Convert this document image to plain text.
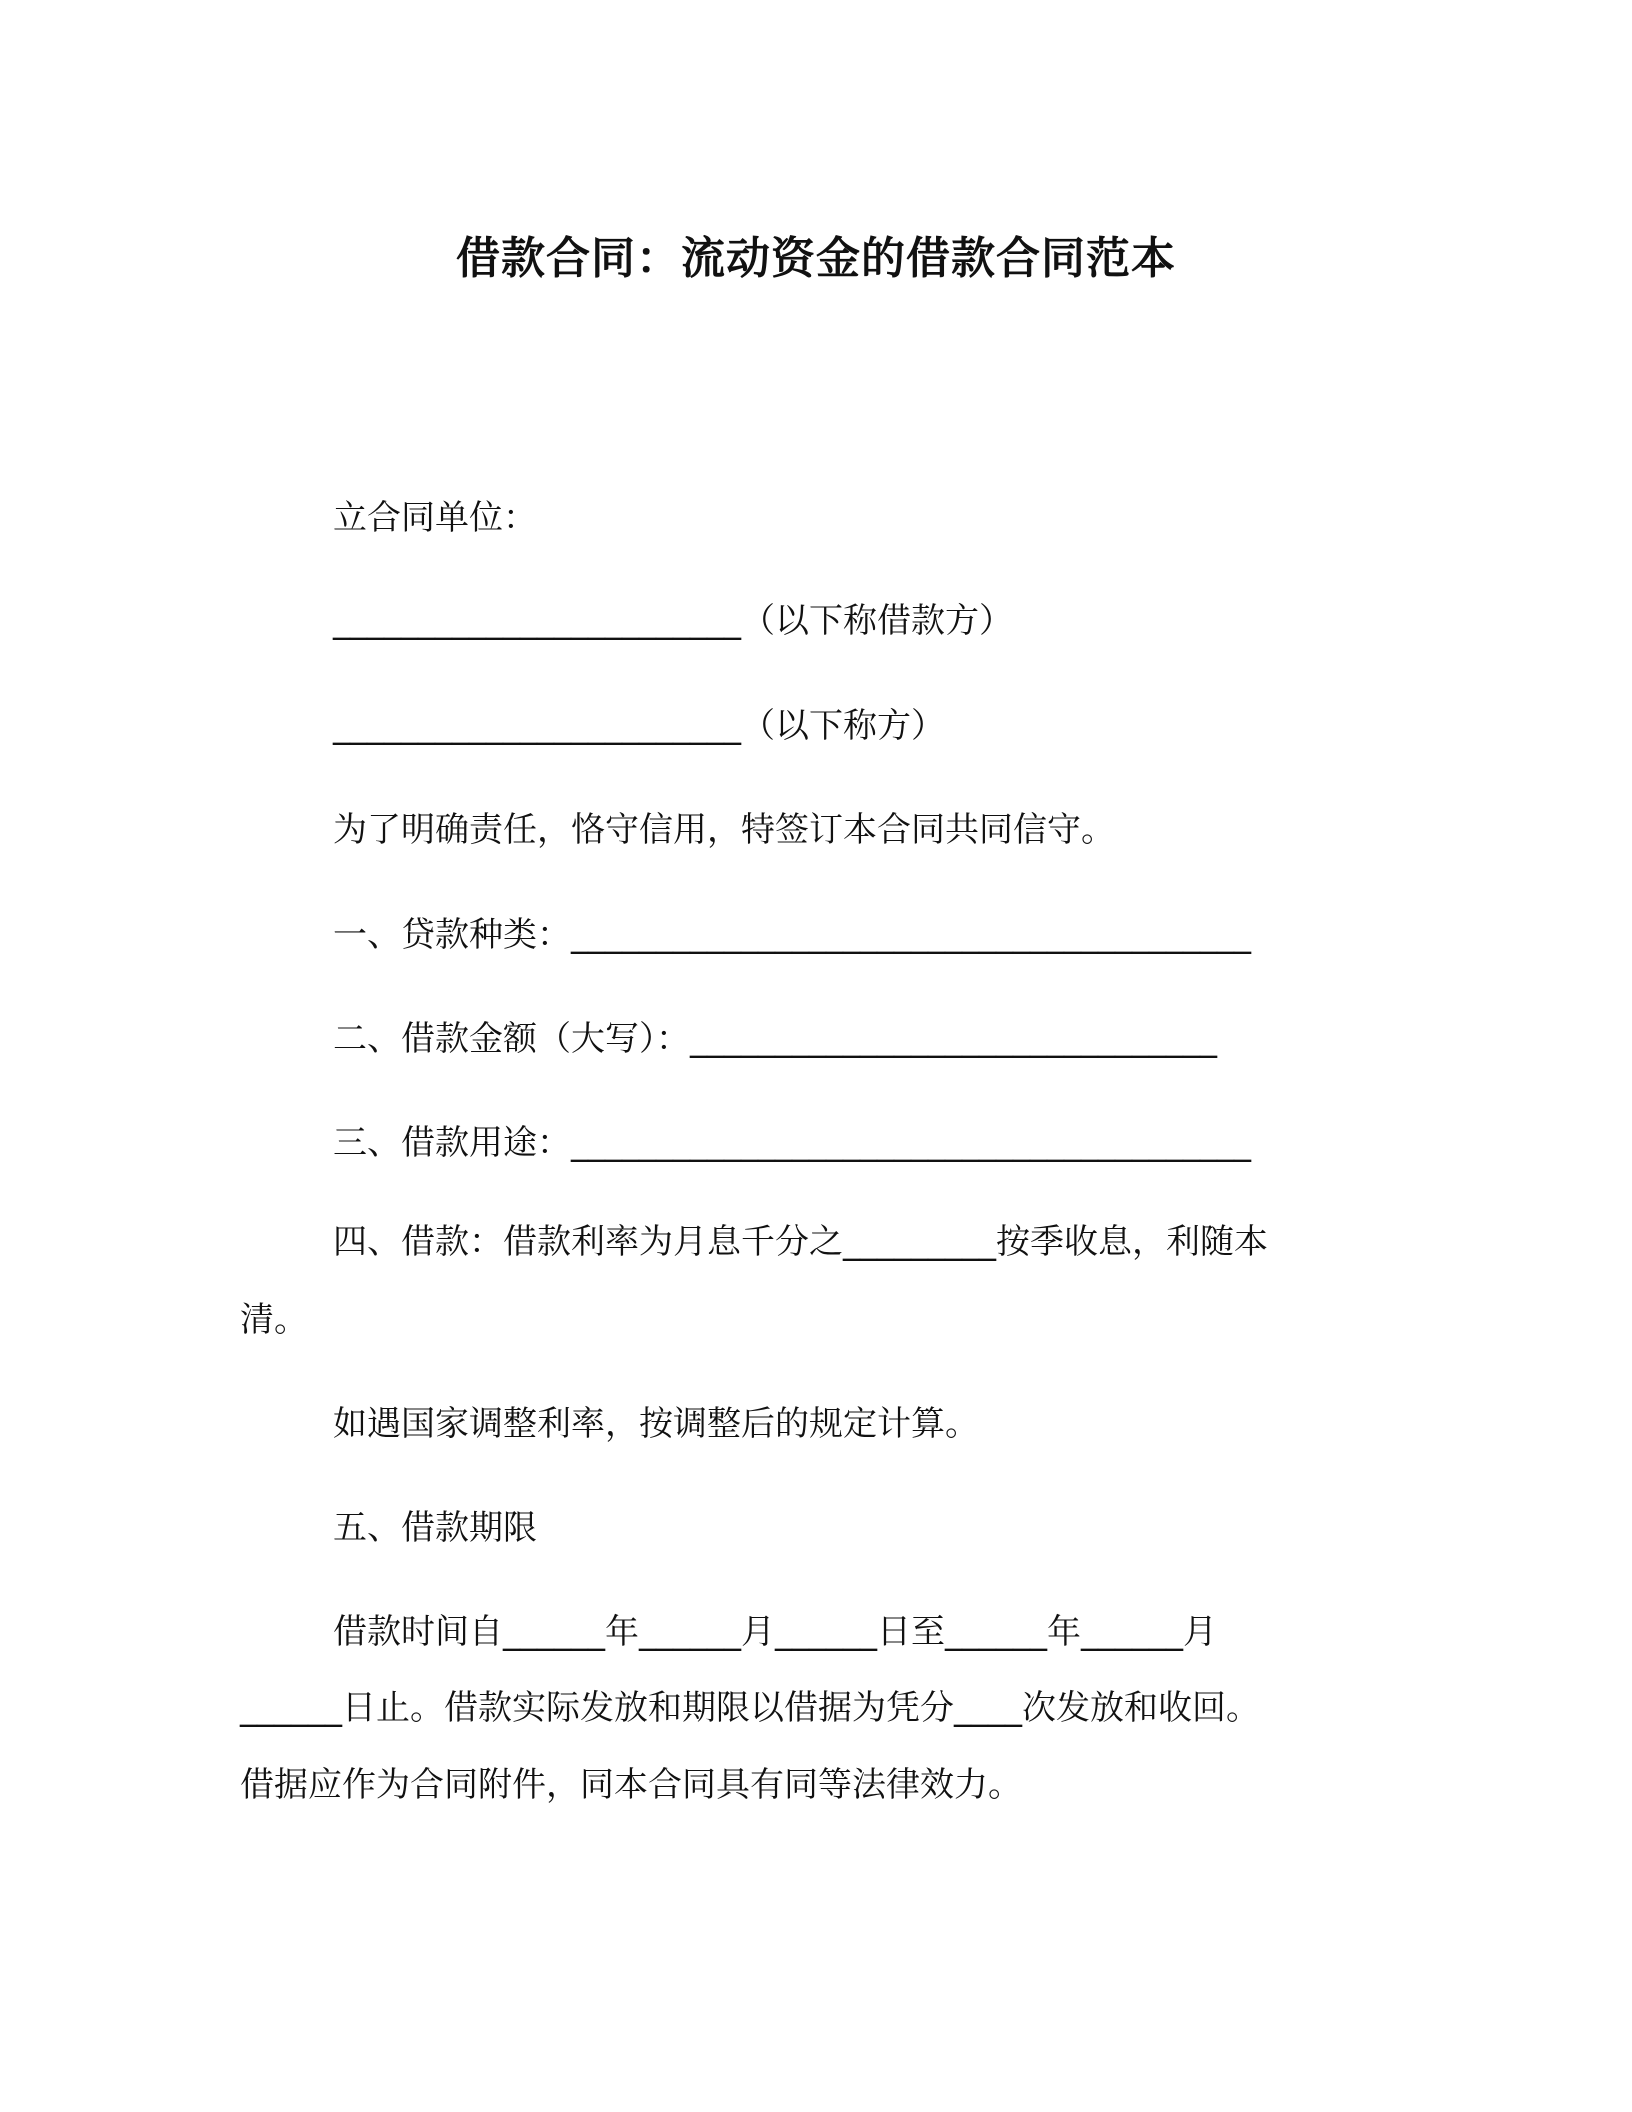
借款合同：流动资金的借款合同范本
立合同单位：
________________________（以下称借款方）
________________________（以下称方）
为了明确责任，恪守信用，特签订本合同共同信守。
一、贷款种类：________________________________________
二、借款金额（大写）：_______________________________
三、借款用途：________________________________________
四、借款：借款利率为月息千分之_________按季收息，利随本
清。
如遇国家调整利率，按调整后的规定计算。
五、借款期限
借款时间自______年______月______日至______年______月
______日止。借款实际发放和期限以借据为凭分____次发放和收回。
借据应作为合同附件，同本合同具有同等法律效力。
